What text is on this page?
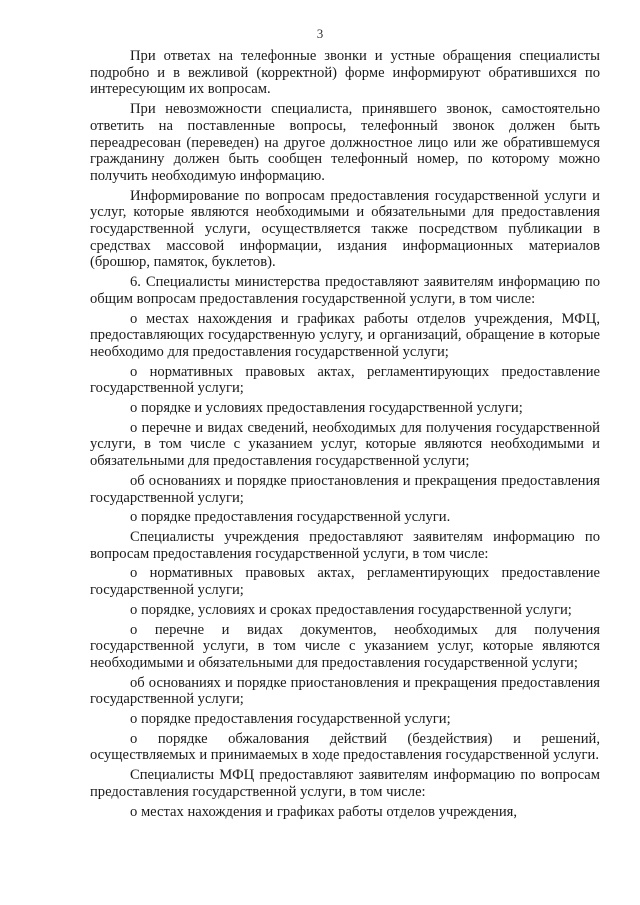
3

При ответах на телефонные звонки и устные обращения специалисты подробно и в вежливой (корректной) форме информируют обратившихся по интересующим их вопросам.

При невозможности специалиста, принявшего звонок, самостоятельно ответить на поставленные вопросы, телефонный звонок должен быть переадресован (переведен) на другое должностное лицо или же обратившемуся гражданину должен быть сообщен телефонный номер, по которому можно получить необходимую информацию.

Информирование по вопросам предоставления государственной услуги и услуг, которые являются необходимыми и обязательными для предоставления государственной услуги, осуществляется также посредством публикации в средствах массовой информации, издания информационных материалов (брошюр, памяток, буклетов).

6. Специалисты министерства предоставляют заявителям информацию по общим вопросам предоставления государственной услуги, в том числе:

о местах нахождения и графиках работы отделов учреждения, МФЦ, предоставляющих государственную услугу, и организаций, обращение в которые необходимо для предоставления государственной услуги;

о нормативных правовых актах, регламентирующих предоставление государственной услуги;

о порядке и условиях предоставления государственной услуги;

о перечне и видах сведений, необходимых для получения государственной услуги, в том числе с указанием услуг, которые являются необходимыми и обязательными для предоставления государственной услуги;

об основаниях и порядке приостановления и прекращения предоставления государственной услуги;

о порядке предоставления государственной услуги.

Специалисты учреждения предоставляют заявителям информацию по вопросам предоставления государственной услуги, в том числе:

о нормативных правовых актах, регламентирующих предоставление государственной услуги;

о порядке, условиях и сроках предоставления государственной услуги;

о перечне и видах документов, необходимых для получения государственной услуги, в том числе с указанием услуг, которые являются необходимыми и обязательными для предоставления государственной услуги;

об основаниях и порядке приостановления и прекращения предоставления государственной услуги;

о порядке предоставления государственной услуги;

о порядке обжалования действий (бездействия) и решений, осуществляемых и принимаемых в ходе предоставления государственной услуги.

Специалисты МФЦ предоставляют заявителям информацию по вопросам предоставления государственной услуги, в том числе:

о местах нахождения и графиках работы отделов учреждения,
